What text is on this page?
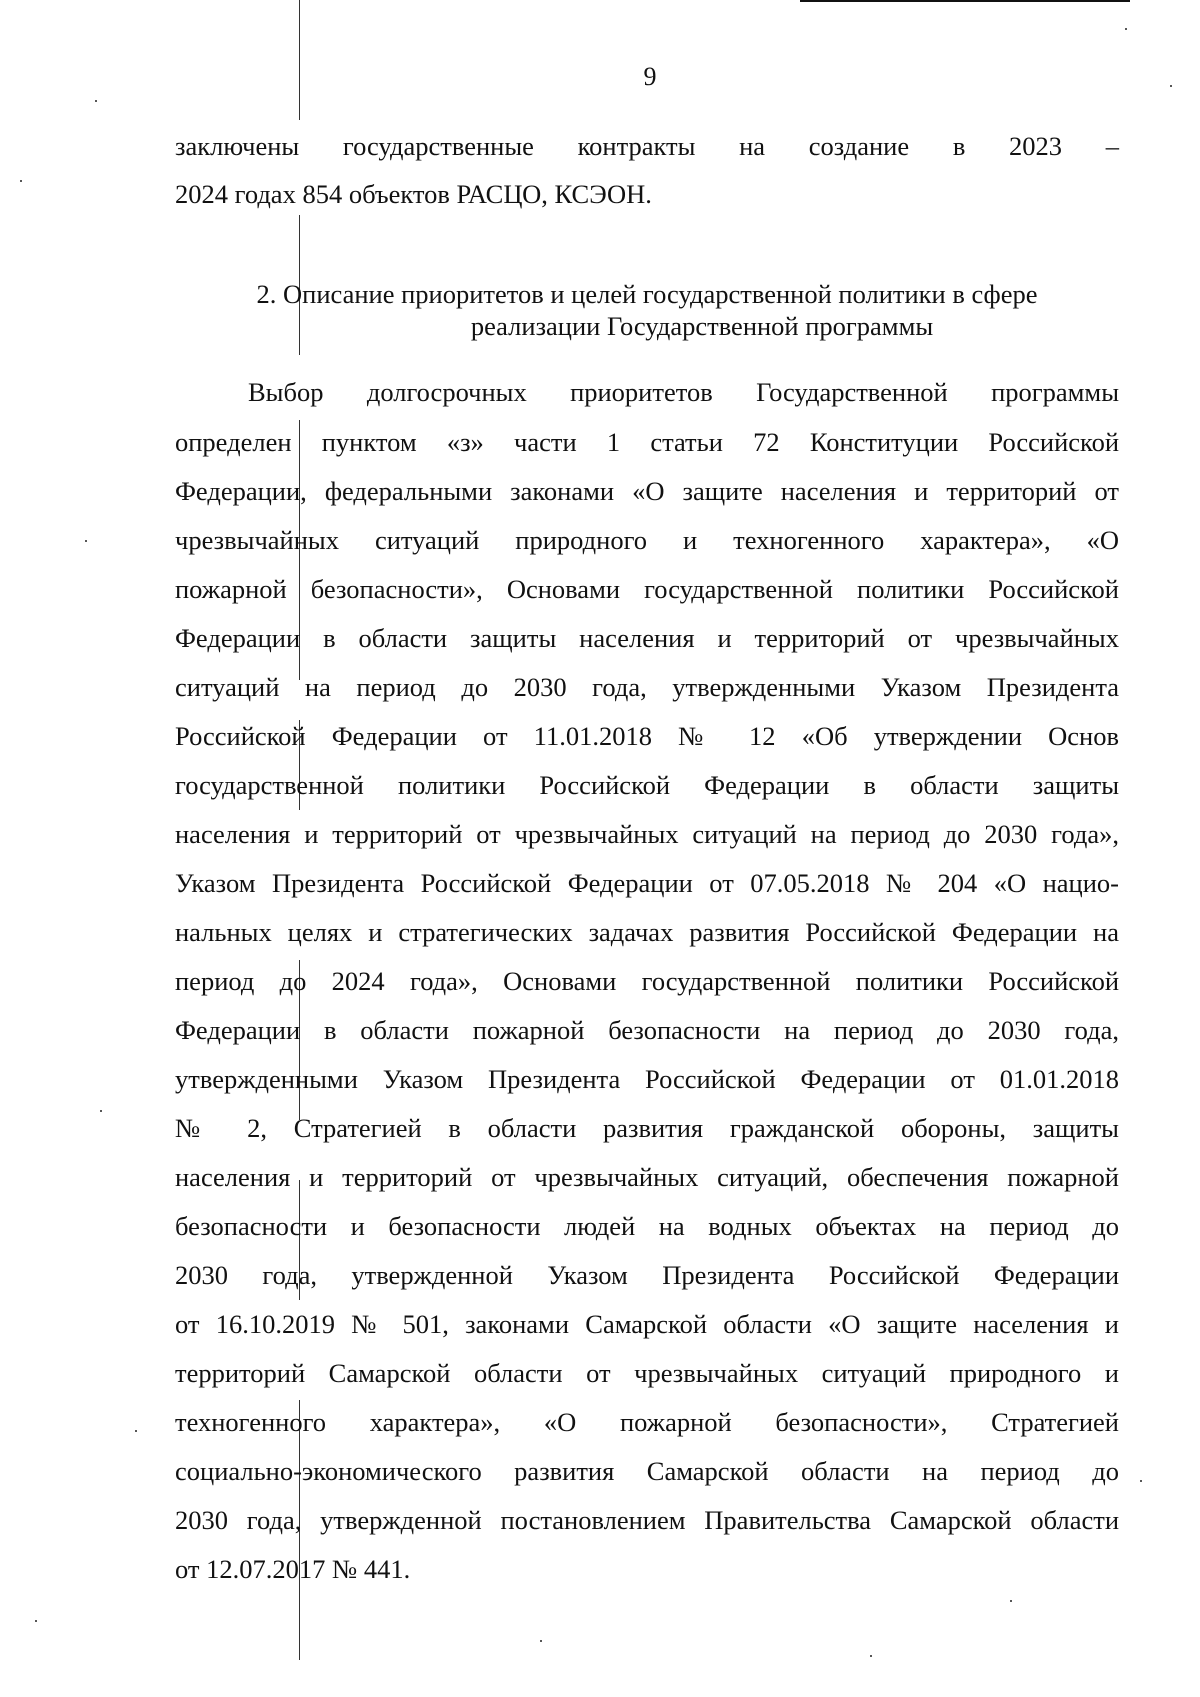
9
заключены государственные контракты на создание в 2023 –
2024 годах 854 объектов РАСЦО, КСЭОН.
2. Описание приоритетов и целей государственной политики в сфере
реализации Государственной программы
Выбор долгосрочных приоритетов Государственной программы
определен пунктом «з» части 1 статьи 72 Конституции Российской
Федерации, федеральными законами «О защите населения и территорий от
чрезвычайных ситуаций природного и техногенного характера», «О
пожарной безопасности», Основами государственной политики Российской
Федерации в области защиты населения и территорий от чрезвычайных
ситуаций на период до 2030 года, утвержденными Указом Президента
Российской Федерации от 11.01.2018 № 12 «Об утверждении Основ
государственной политики Российской Федерации в области защиты
населения и территорий от чрезвычайных ситуаций на период до 2030 года»,
Указом Президента Российской Федерации от 07.05.2018 № 204 «О нацио-
нальных целях и стратегических задачах развития Российской Федерации на
период до 2024 года», Основами государственной политики Российской
Федерации в области пожарной безопасности на период до 2030 года,
утвержденными Указом Президента Российской Федерации от 01.01.2018
№ 2, Стратегией в области развития гражданской обороны, защиты
населения и территорий от чрезвычайных ситуаций, обеспечения пожарной
безопасности и безопасности людей на водных объектах на период до
2030 года, утвержденной Указом Президента Российской Федерации
от 16.10.2019 № 501, законами Самарской области «О защите населения и
территорий Самарской области от чрезвычайных ситуаций природного и
техногенного характера», «О пожарной безопасности», Стратегией
социально-экономического развития Самарской области на период до
2030 года, утвержденной постановлением Правительства Самарской области
от 12.07.2017 № 441.
